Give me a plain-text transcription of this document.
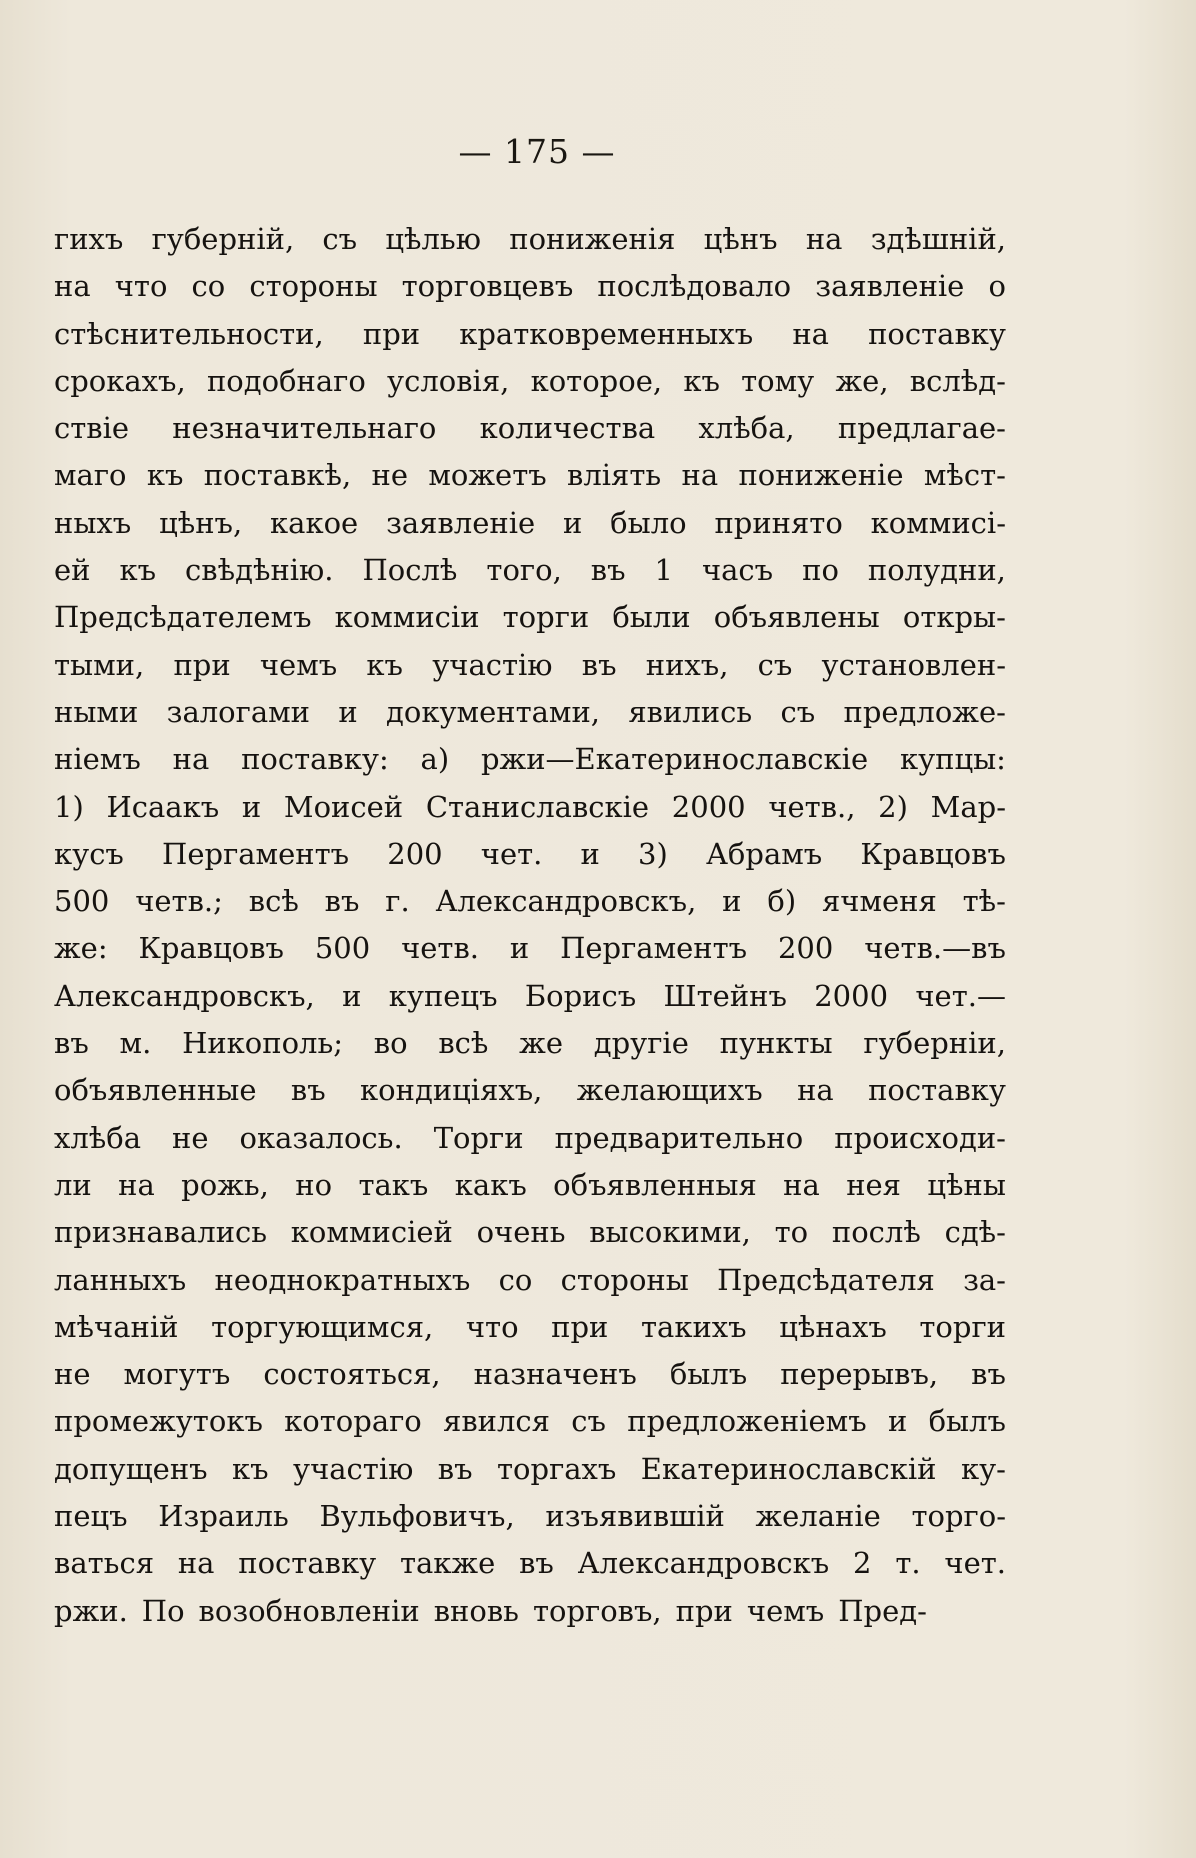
— 175 —
гихъ губерній, съ цѣлью пониженія цѣнъ на здѣшній,
на что со стороны торговцевъ послѣдовало заявленіе о
стѣснительности, при кратковременныхъ на поставку
срокахъ, подобнаго условія, которое, къ тому же, вслѣд-
ствіе незначительнаго количества хлѣба, предлагае-
маго къ поставкѣ, не можетъ вліять на пониженіе мѣст-
ныхъ цѣнъ, какое заявленіе и было принято коммисі-
ей къ свѣдѣнію. Послѣ того, въ 1 часъ по полудни,
Предсѣдателемъ коммисіи торги были объявлены откры-
тыми, при чемъ къ участію въ нихъ, съ установлен-
ными залогами и документами, явились съ предложе-
ніемъ на поставку: а) ржи—Екатеринославскіе купцы:
1) Исаакъ и Моисей Станиславскіе 2000 четв., 2) Мар-
кусъ Пергаментъ 200 чет. и 3) Абрамъ Кравцовъ
500 четв.; всѣ въ г. Александровскъ, и б) ячменя тѣ-
же: Кравцовъ 500 четв. и Пергаментъ 200 четв.—въ
Александровскъ, и купецъ Борисъ Штейнъ 2000 чет.—
въ м. Никополь; во всѣ же другіе пункты губерніи,
объявленные въ кондиціяхъ, желающихъ на поставку
хлѣба не оказалось. Торги предварительно происходи-
ли на рожь, но такъ какъ объявленныя на нея цѣны
признавались коммисіей очень высокими, то послѣ сдѣ-
ланныхъ неоднократныхъ со стороны Предсѣдателя за-
мѣчаній торгующимся, что при такихъ цѣнахъ торги
не могутъ состояться, назначенъ былъ перерывъ, въ
промежутокъ котораго явился съ предложеніемъ и былъ
допущенъ къ участію въ торгахъ Екатеринославскій ку-
пецъ Израиль Вульфовичъ, изъявившій желаніе торго-
ваться на поставку также въ Александровскъ 2 т. чет.
ржи. По возобновленіи вновь торговъ, при чемъ Пред-
